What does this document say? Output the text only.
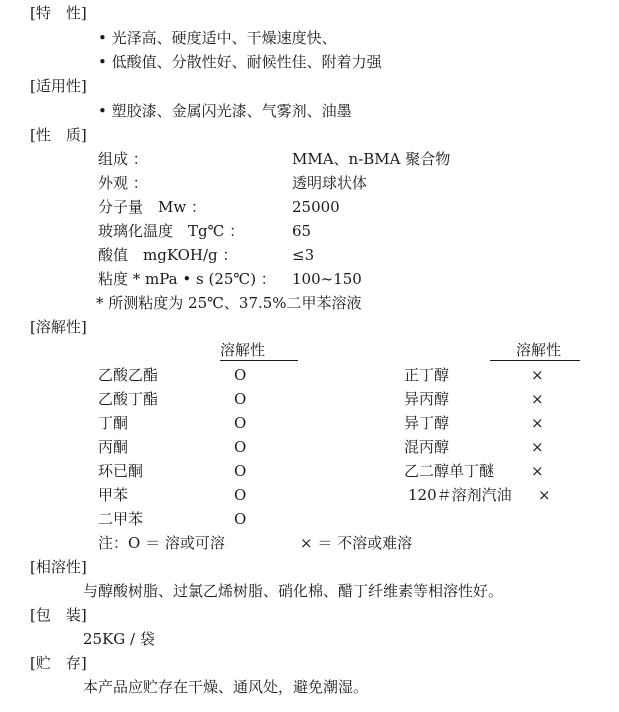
[特　性]
• 光泽高、硬度适中、干燥速度快、
• 低酸值、分散性好、耐候性佳、附着力强
[适用性]
• 塑胶漆、金属闪光漆、气雾剂、油墨
[性　质]
组成 ：	MMA、n-BMA 聚合物
外观 ：	透明球状体
分子量　Mw ：	25000
玻璃化温度　Tg℃ ：	65
酸值　mgKOH/g ：	≤3
粘度 * mPa • s (25℃) ： 100~150
* 所测粘度为 25℃、37.5%二甲苯溶液
[溶解性]
溶解性	溶解性
乙酸乙酯	O	正丁醇	×
乙酸丁酯	O	异丙醇	×
丁酮	O	异丁醇	×
丙酮	O	混丙醇	×
环已酮	O	乙二醇单丁醚 ×
甲苯	O	120＃溶剂汽油 ×
二甲苯	O
注：O ＝ 溶或可溶	× ＝ 不溶或难溶
[相溶性]
与醇酸树脂、过氯乙烯树脂、硝化棉、醋丁纤维素等相溶性好。
[包　装]
25KG / 袋
[贮　存]
本产品应贮存在干燥、通风处，避免潮湿。
